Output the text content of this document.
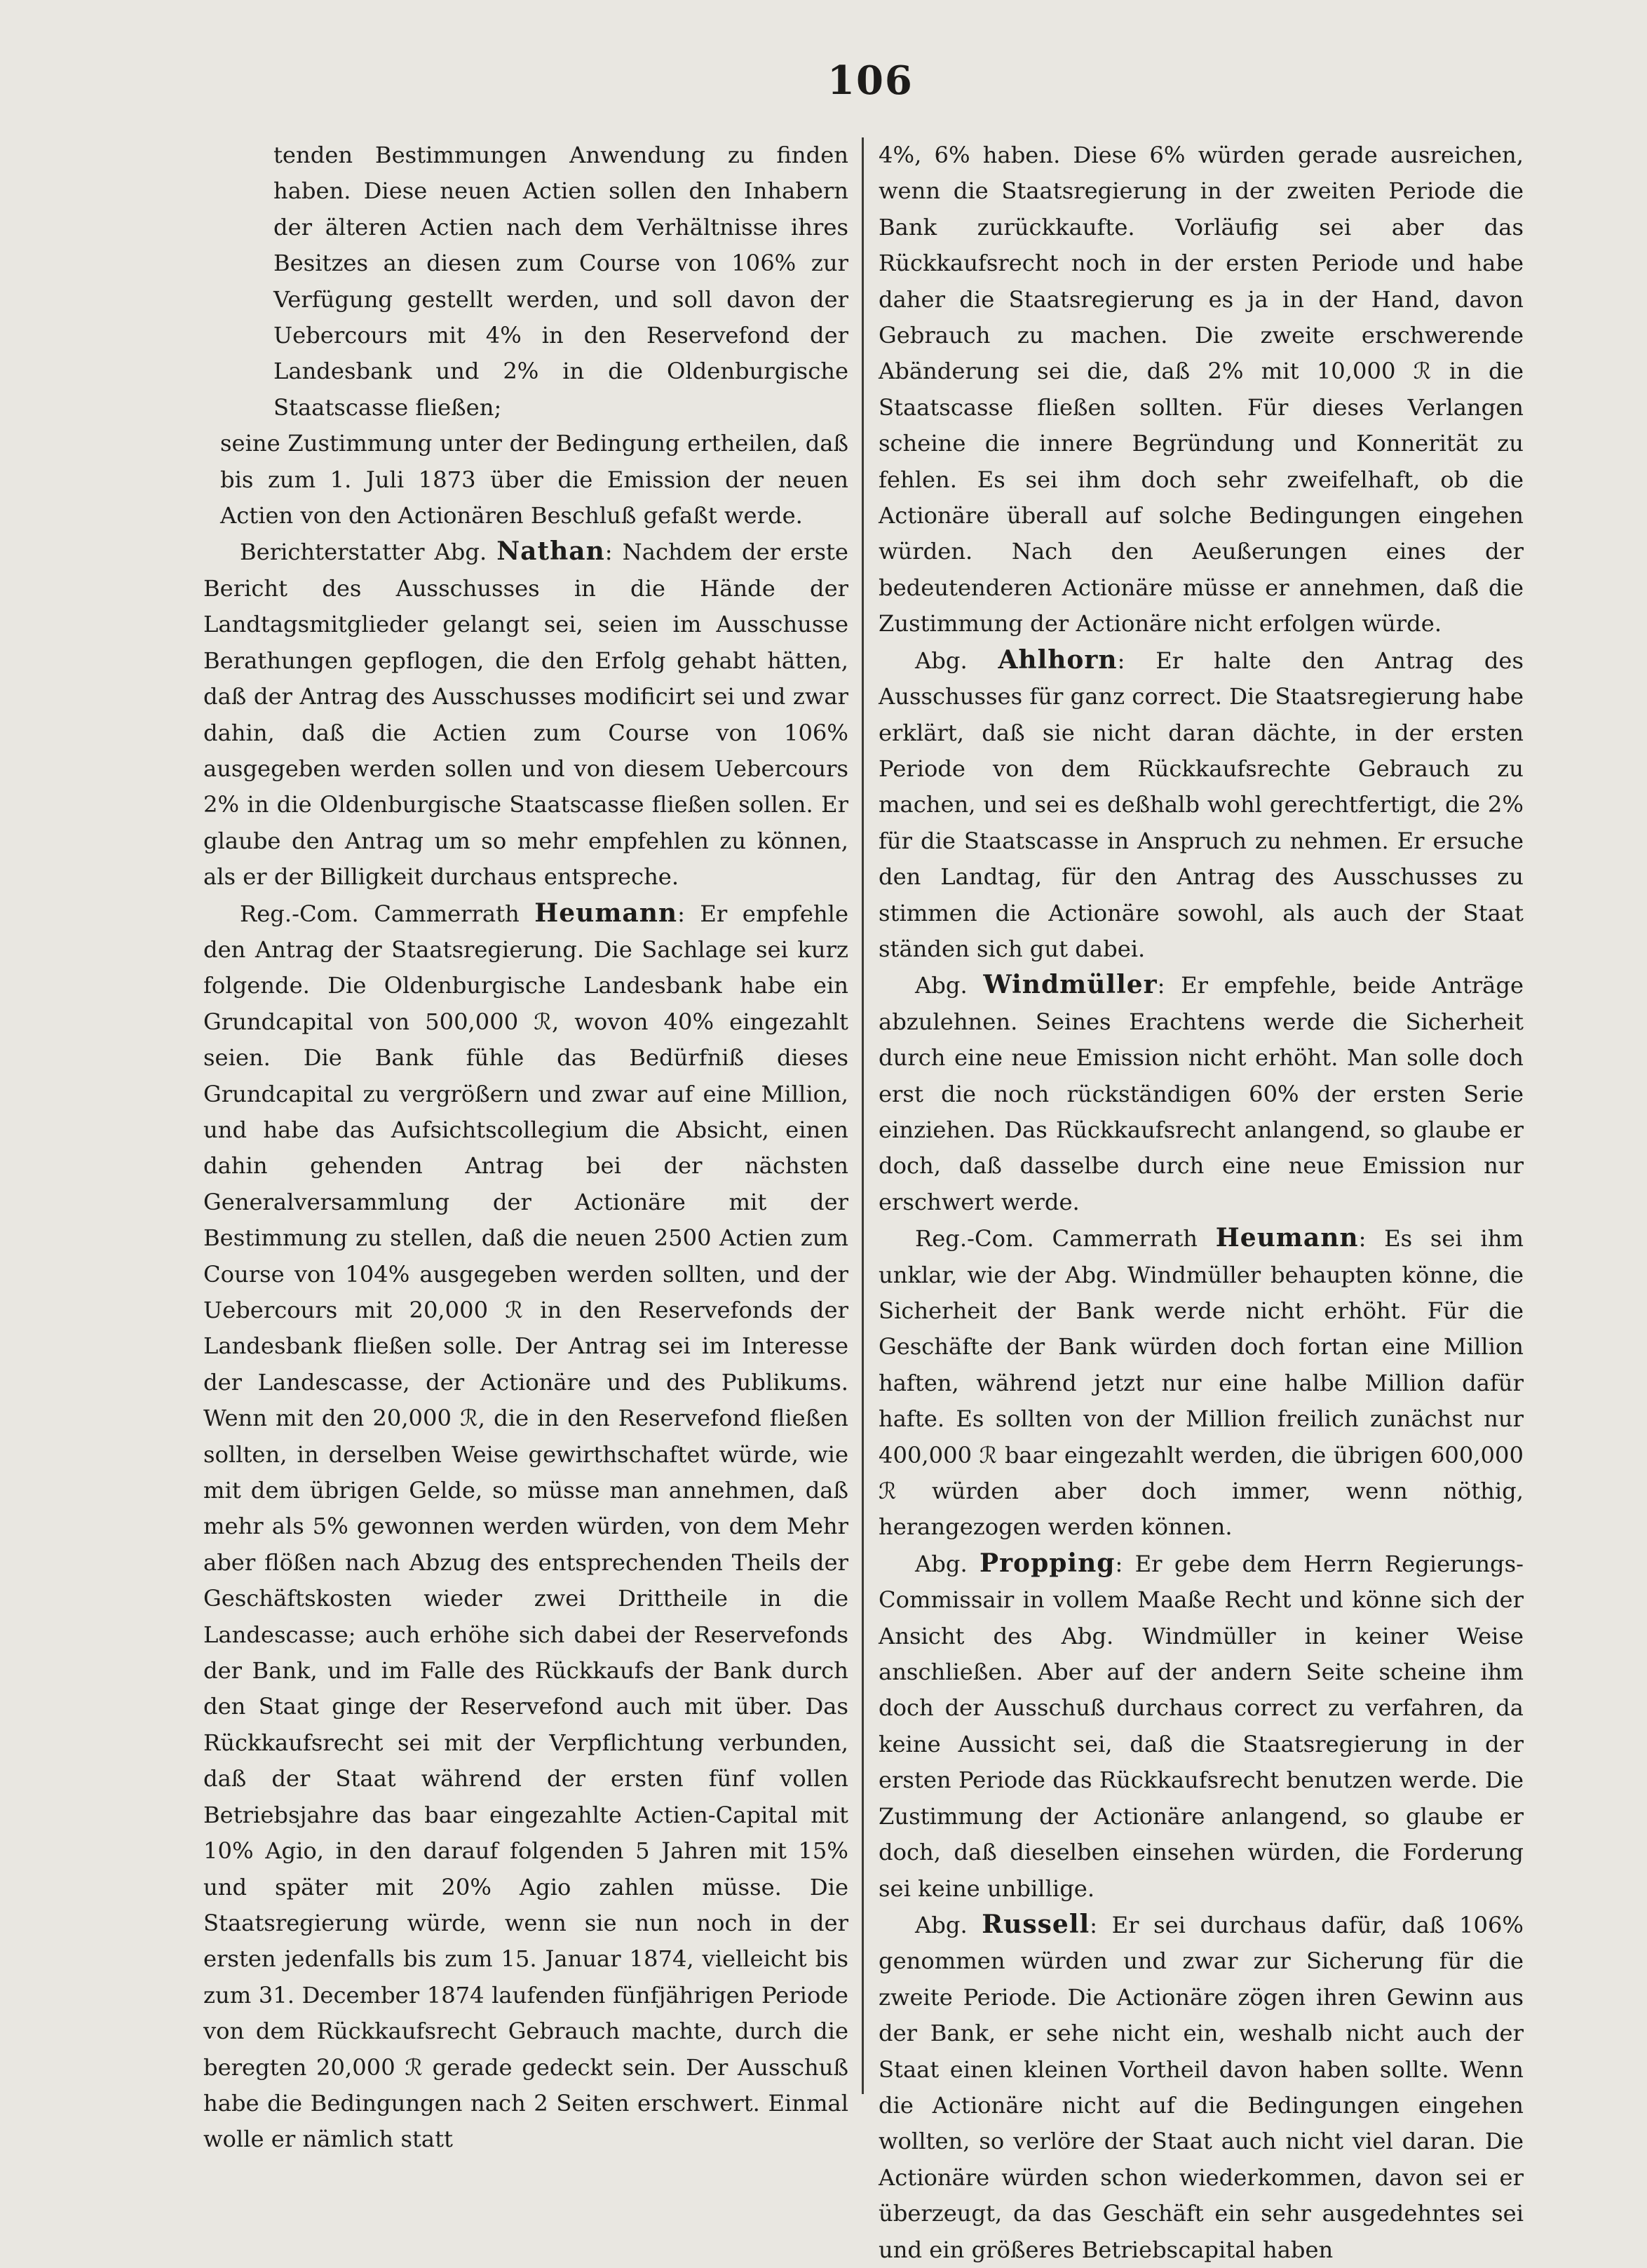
106

tenden Bestimmungen Anwendung zu finden haben. Diese neuen Actien sollen den Inhabern der älteren Actien nach dem Verhältnisse ihres Besitzes an diesen zum Course von 106% zur Verfügung gestellt werden, und soll davon der Uebercours mit 4% in den Reservefond der Landesbank und 2% in die Oldenburgische Staatscasse fließen;

seine Zustimmung unter der Bedingung ertheilen, daß bis zum 1. Juli 1873 über die Emission der neuen Actien von den Actionären Beschluß gefaßt werde.

Berichterstatter Abg. Nathan: Nachdem der erste Bericht des Ausschusses in die Hände der Landtagsmitglieder gelangt sei, seien im Ausschusse Berathungen gepflogen, die den Erfolg gehabt hätten, daß der Antrag des Ausschusses modificirt sei und zwar dahin, daß die Actien zum Course von 106% ausgegeben werden sollen und von diesem Uebercours 2% in die Oldenburgische Staatscasse fließen sollen. Er glaube den Antrag um so mehr empfehlen zu können, als er der Billigkeit durchaus entspreche.

Reg.-Com. Cammerrath Heumann: Er empfehle den Antrag der Staatsregierung. Die Sachlage sei kurz folgende. Die Oldenburgische Landesbank habe ein Grundcapital von 500,000 ℛ, wovon 40% eingezahlt seien. Die Bank fühle das Bedürfniß dieses Grundcapital zu vergrößern und zwar auf eine Million, und habe das Aufsichtscollegium die Absicht, einen dahin gehenden Antrag bei der nächsten Generalversammlung der Actionäre mit der Bestimmung zu stellen, daß die neuen 2500 Actien zum Course von 104% ausgegeben werden sollten, und der Uebercours mit 20,000 ℛ in den Reservefonds der Landesbank fließen solle. Der Antrag sei im Interesse der Landescasse, der Actionäre und des Publikums. Wenn mit den 20,000 ℛ, die in den Reservefond fließen sollten, in derselben Weise gewirthschaftet würde, wie mit dem übrigen Gelde, so müsse man annehmen, daß mehr als 5% gewonnen werden würden, von dem Mehr aber flößen nach Abzug des entsprechenden Theils der Geschäftskosten wieder zwei Drittheile in die Landescasse; auch erhöhe sich dabei der Reservefonds der Bank, und im Falle des Rückkaufs der Bank durch den Staat ginge der Reservefond auch mit über. Das Rückkaufsrecht sei mit der Verpflichtung verbunden, daß der Staat während der ersten fünf vollen Betriebsjahre das baar eingezahlte Actien-Capital mit 10% Agio, in den darauf folgenden 5 Jahren mit 15% und später mit 20% Agio zahlen müsse. Die Staatsregierung würde, wenn sie nun noch in der ersten jedenfalls bis zum 15. Januar 1874, vielleicht bis zum 31. December 1874 laufenden fünfjährigen Periode von dem Rückkaufsrecht Gebrauch machte, durch die beregten 20,000 ℛ gerade gedeckt sein. Der Ausschuß habe die Bedingungen nach 2 Seiten erschwert. Einmal wolle er nämlich statt

4%, 6% haben. Diese 6% würden gerade ausreichen, wenn die Staatsregierung in der zweiten Periode die Bank zurückkaufte. Vorläufig sei aber das Rückkaufsrecht noch in der ersten Periode und habe daher die Staatsregierung es ja in der Hand, davon Gebrauch zu machen. Die zweite erschwerende Abänderung sei die, daß 2% mit 10,000 ℛ in die Staatscasse fließen sollten. Für dieses Verlangen scheine die innere Begründung und Konnerität zu fehlen. Es sei ihm doch sehr zweifelhaft, ob die Actionäre überall auf solche Bedingungen eingehen würden. Nach den Aeußerungen eines der bedeutenderen Actionäre müsse er annehmen, daß die Zustimmung der Actionäre nicht erfolgen würde.

Abg. Ahlhorn: Er halte den Antrag des Ausschusses für ganz correct. Die Staatsregierung habe erklärt, daß sie nicht daran dächte, in der ersten Periode von dem Rückkaufsrechte Gebrauch zu machen, und sei es deßhalb wohl gerechtfertigt, die 2% für die Staatscasse in Anspruch zu nehmen. Er ersuche den Landtag, für den Antrag des Ausschusses zu stimmen die Actionäre sowohl, als auch der Staat ständen sich gut dabei.

Abg. Windmüller: Er empfehle, beide Anträge abzulehnen. Seines Erachtens werde die Sicherheit durch eine neue Emission nicht erhöht. Man solle doch erst die noch rückständigen 60% der ersten Serie einziehen. Das Rückkaufsrecht anlangend, so glaube er doch, daß dasselbe durch eine neue Emission nur erschwert werde.

Reg.-Com. Cammerrath Heumann: Es sei ihm unklar, wie der Abg. Windmüller behaupten könne, die Sicherheit der Bank werde nicht erhöht. Für die Geschäfte der Bank würden doch fortan eine Million haften, während jetzt nur eine halbe Million dafür hafte. Es sollten von der Million freilich zunächst nur 400,000 ℛ baar eingezahlt werden, die übrigen 600,000 ℛ würden aber doch immer, wenn nöthig, herangezogen werden können.

Abg. Propping: Er gebe dem Herrn Regierungs-Commissair in vollem Maaße Recht und könne sich der Ansicht des Abg. Windmüller in keiner Weise anschließen. Aber auf der andern Seite scheine ihm doch der Ausschuß durchaus correct zu verfahren, da keine Aussicht sei, daß die Staatsregierung in der ersten Periode das Rückkaufsrecht benutzen werde. Die Zustimmung der Actionäre anlangend, so glaube er doch, daß dieselben einsehen würden, die Forderung sei keine unbillige.

Abg. Russell: Er sei durchaus dafür, daß 106% genommen würden und zwar zur Sicherung für die zweite Periode. Die Actionäre zögen ihren Gewinn aus der Bank, er sehe nicht ein, weshalb nicht auch der Staat einen kleinen Vortheil davon haben sollte. Wenn die Actionäre nicht auf die Bedingungen eingehen wollten, so verlöre der Staat auch nicht viel daran. Die Actionäre würden schon wiederkommen, davon sei er überzeugt, da das Geschäft ein sehr ausgedehntes sei und ein größeres Betriebscapital haben
